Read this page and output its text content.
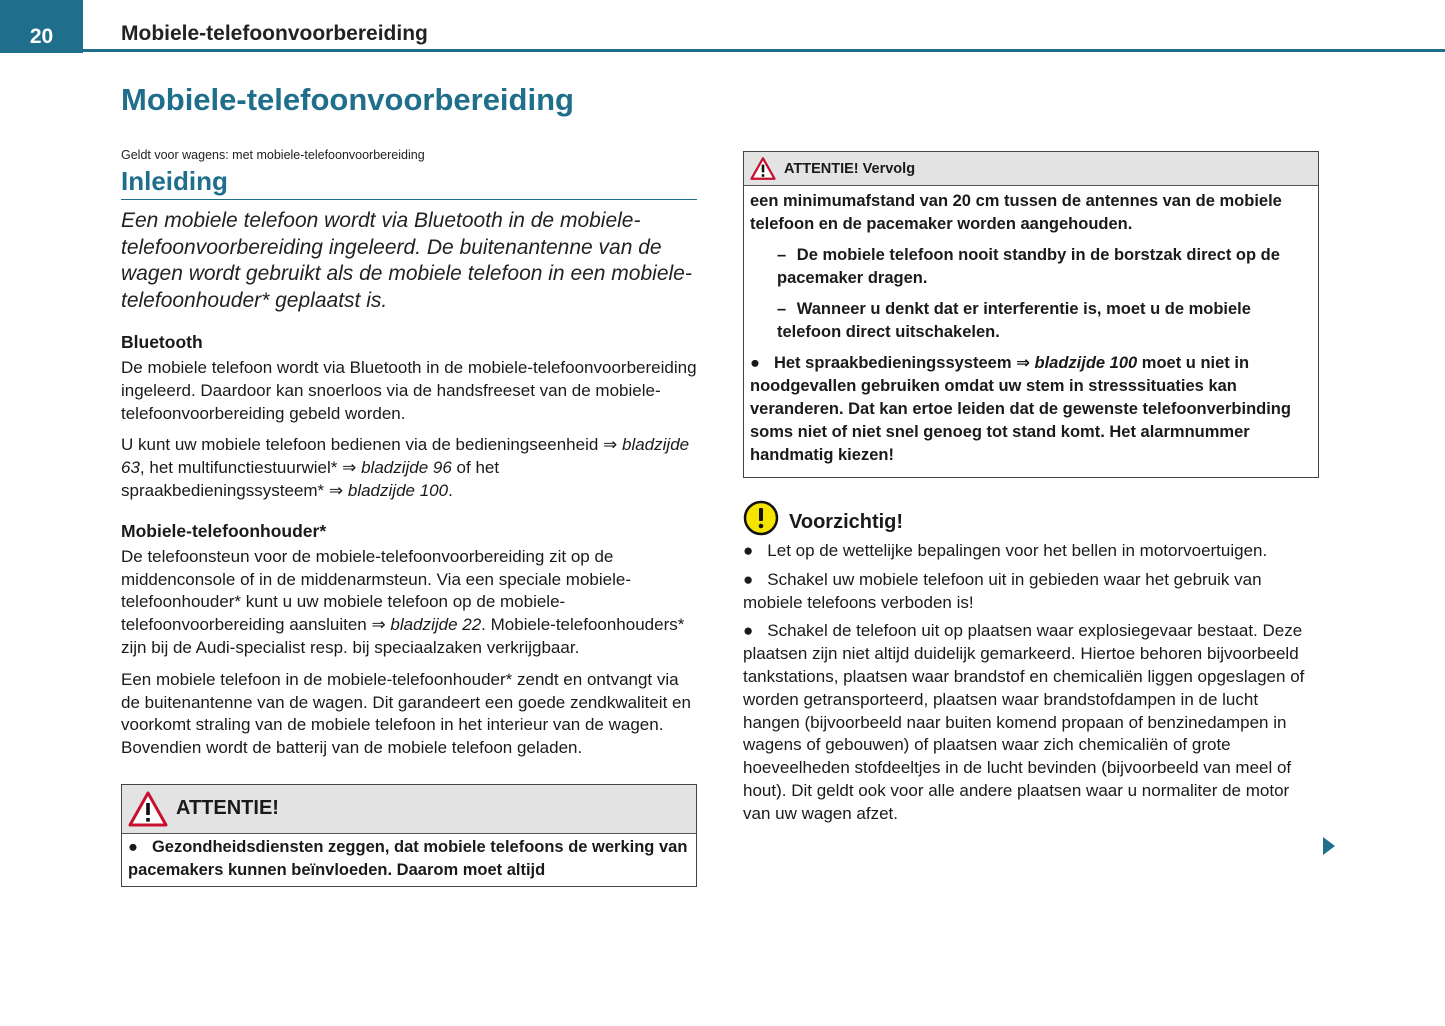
20	Mobiele-telefoonvoorbereiding
Mobiele-telefoonvoorbereiding

Geldt voor wagens: met mobiele-telefoonvoorbereiding

Inleiding

Een mobiele telefoon wordt via Bluetooth in de mobiele-telefoonvoorbereiding ingeleerd. De buitenantenne van de wagen wordt gebruikt als de mobiele telefoon in een mobiele-telefoonhouder* geplaatst is.

Bluetooth

De mobiele telefoon wordt via Bluetooth in de mobiele-telefoonvoorbereiding ingeleerd. Daardoor kan snoerloos via de handsfreeset van de mobiele-telefoonvoorbereiding gebeld worden.

U kunt uw mobiele telefoon bedienen via de bedieningseenheid ⇒ bladzijde 63, het multifunctiestuurwiel* ⇒ bladzijde 96 of het spraakbedieningssysteem* ⇒ bladzijde 100.

Mobiele-telefoonhouder*

De telefoonsteun voor de mobiele-telefoonvoorbereiding zit op de middenconsole of in de middenarmsteun. Via een speciale mobiele-telefoonhouder* kunt u uw mobiele telefoon op de mobiele-telefoonvoorbereiding aansluiten ⇒ bladzijde 22. Mobiele-telefoonhouders* zijn bij de Audi-specialist resp. bij speciaalzaken verkrijgbaar.

Een mobiele telefoon in de mobiele-telefoonhouder* zendt en ontvangt via de buitenantenne van de wagen. Dit garandeert een goede zendkwaliteit en voorkomt straling van de mobiele telefoon in het interieur van de wagen. Bovendien wordt de batterij van de mobiele telefoon geladen.

ATTENTIE!
● Gezondheidsdiensten zeggen, dat mobiele telefoons de werking van pacemakers kunnen beïnvloeden. Daarom moet altijd
ATTENTIE! Vervolg

een minimumafstand van 20 cm tussen de antennes van de mobiele telefoon en de pacemaker worden aangehouden.

– De mobiele telefoon nooit standby in de borstzak direct op de pacemaker dragen.

– Wanneer u denkt dat er interferentie is, moet u de mobiele telefoon direct uitschakelen.

● Het spraakbedieningssysteem ⇒ bladzijde 100 moet u niet in noodgevallen gebruiken omdat uw stem in stresssituaties kan veranderen. Dat kan ertoe leiden dat de gewenste telefoonverbinding soms niet of niet snel genoeg tot stand komt. Het alarmnummer handmatig kiezen!

Voorzichtig!

● Let op de wettelijke bepalingen voor het bellen in motorvoertuigen.

● Schakel uw mobiele telefoon uit in gebieden waar het gebruik van mobiele telefoons verboden is!

● Schakel de telefoon uit op plaatsen waar explosiegevaar bestaat. Deze plaatsen zijn niet altijd duidelijk gemarkeerd. Hiertoe behoren bijvoorbeeld tankstations, plaatsen waar brandstof en chemicaliën liggen opgeslagen of worden getransporteerd, plaatsen waar brandstofdampen in de lucht hangen (bijvoorbeeld naar buiten komend propaan of benzinedampen in wagens of gebouwen) of plaatsen waar zich chemicaliën of grote hoeveelheden stofdeeltjes in de lucht bevinden (bijvoorbeeld van meel of hout). Dit geldt ook voor alle andere plaatsen waar u normaliter de motor van uw wagen afzet.
